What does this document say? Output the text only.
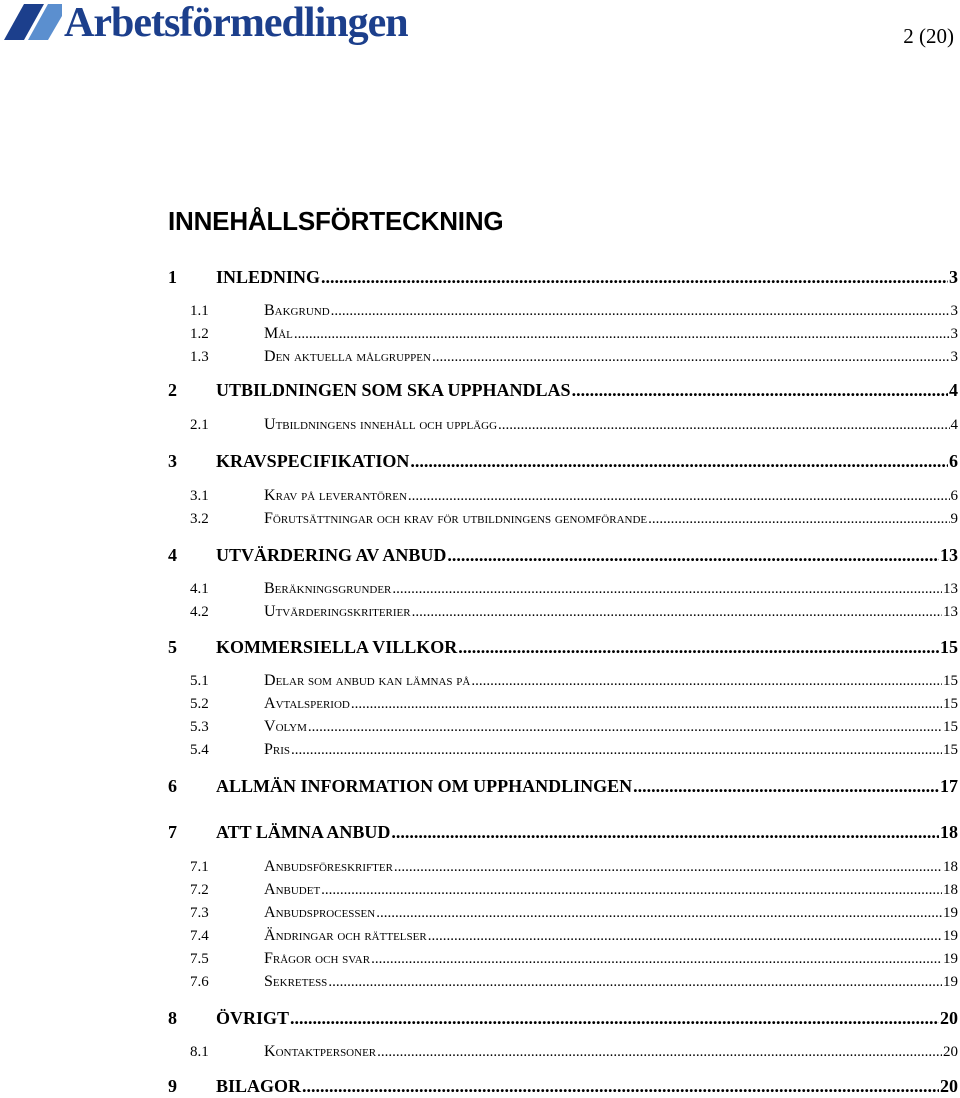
Arbetsförmedlingen	2 (20)
INNEHÅLLSFÖRTECKNING
1	INLEDNING .....	3
1.1	Bakgrund .....	3
1.2	Mål .....	3
1.3	Den aktuella målgruppen .....	3
2	UTBILDNINGEN SOM SKA UPPHANDLAS .....	4
2.1	Utbildningens innehåll och upplägg .....	4
3	KRAVSPECIFIKATION .....	6
3.1	Krav på leverantören .....	6
3.2	Förutsättningar och krav för utbildningens genomförande .....	9
4	UTVÄRDERING AV ANBUD .....	13
4.1	Beräkningsgrunder .....	13
4.2	Utvärderingskriterier .....	13
5	KOMMERSIELLA VILLKOR .....	15
5.1	Delar som anbud kan lämnas på .....	15
5.2	Avtalsperiod .....	15
5.3	Volym .....	15
5.4	Pris .....	15
6	ALLMÄN INFORMATION OM UPPHANDLINGEN .....	17
7	ATT LÄMNA ANBUD .....	18
7.1	Anbudsföreskrifter .....	18
7.2	Anbudet .....	18
7.3	Anbudsprocessen .....	19
7.4	Ändringar och rättelser .....	19
7.5	Frågor och svar .....	19
7.6	Sekretess .....	19
8	ÖVRIGT .....	20
8.1	Kontaktpersoner .....	20
9	BILAGOR .....	20
